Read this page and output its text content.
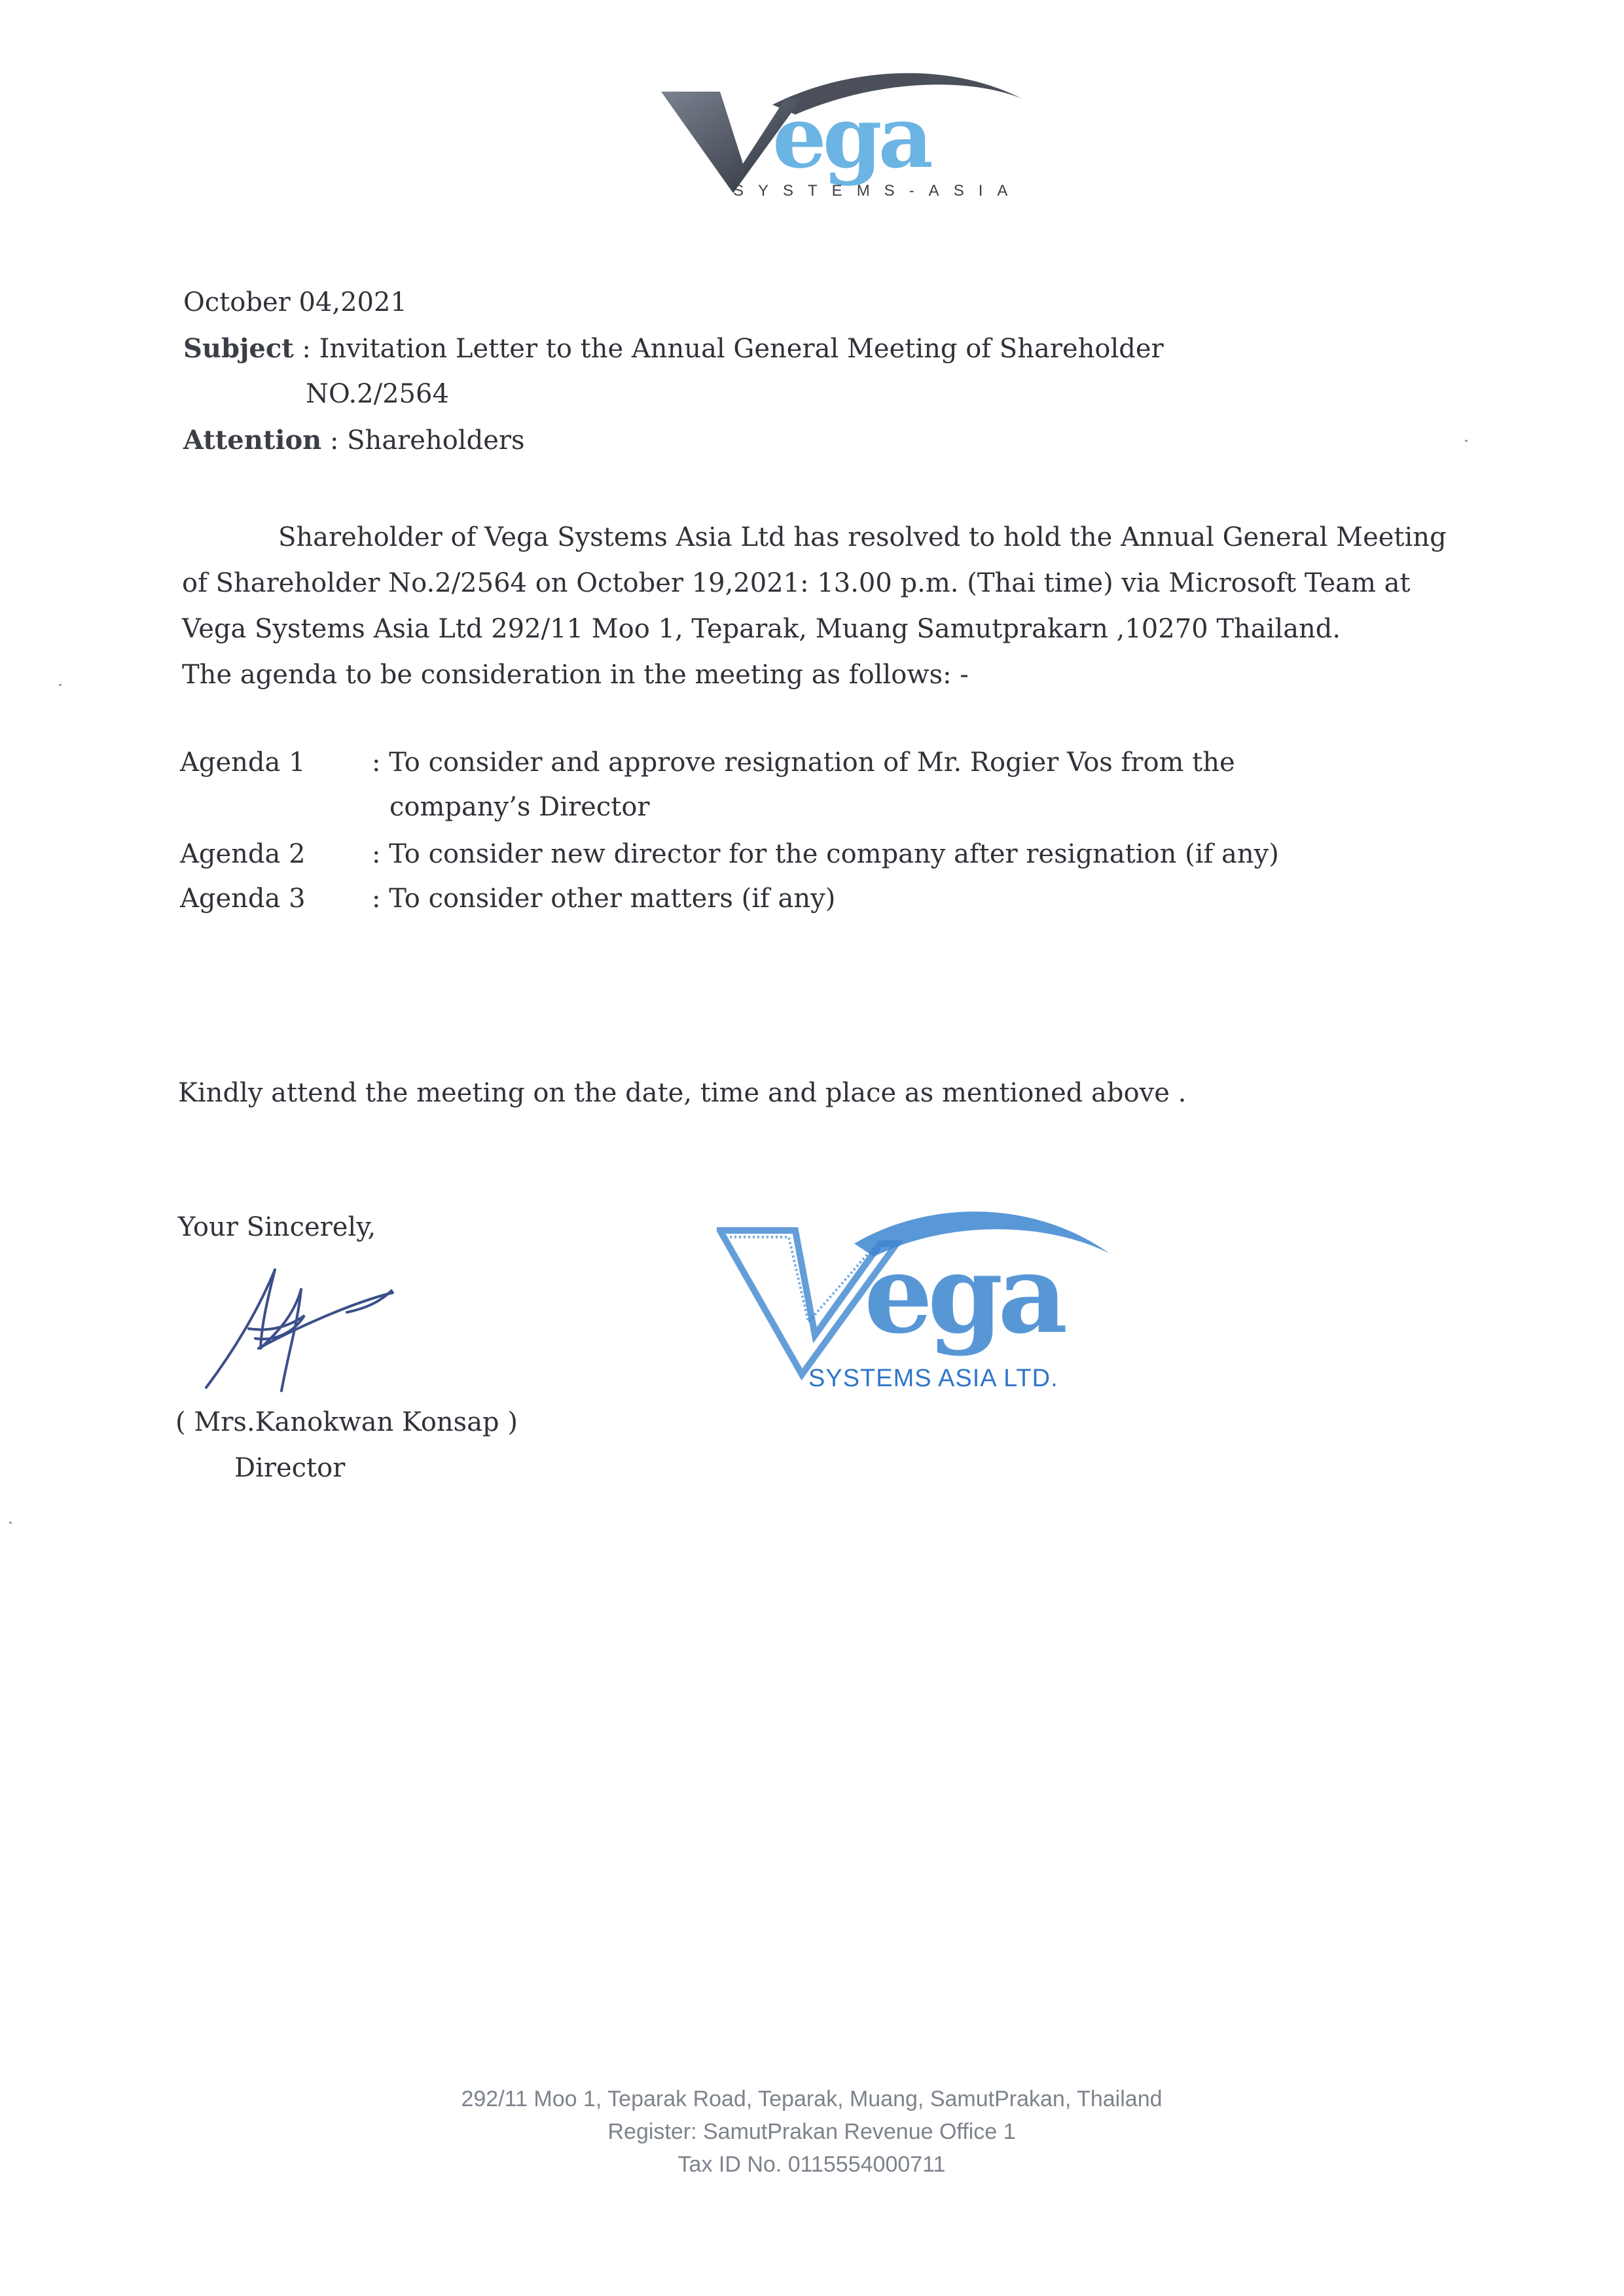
ega
SYSTEMS-ASIA
October 04,2021
Subject : Invitation Letter to the Annual General Meeting of Shareholder
NO.2/2564
Attention : Shareholders
Shareholder of Vega Systems Asia Ltd has resolved to hold the Annual General Meeting
of Shareholder No.2/2564 on October 19,2021: 13.00 p.m. (Thai time) via Microsoft Team at
Vega Systems Asia Ltd 292/11 Moo 1, Teparak, Muang Samutprakarn ,10270 Thailand.
The agenda to be consideration in the meeting as follows: -
Agenda 1	: To consider and approve resignation of Mr. Rogier Vos from the
company’s Director
Agenda 2	: To consider new director for the company after resignation (if any)
Agenda 3	: To consider other matters (if any)
Kindly attend the meeting on the date, time and place as mentioned above .
Your Sincerely,
( Mrs.Kanokwan Konsap )
Director
ega
SYSTEMS ASIA LTD.
292/11 Moo 1, Teparak Road, Teparak, Muang, SamutPrakan, Thailand
Register: SamutPrakan Revenue Office 1
Tax ID No. 0115554000711
